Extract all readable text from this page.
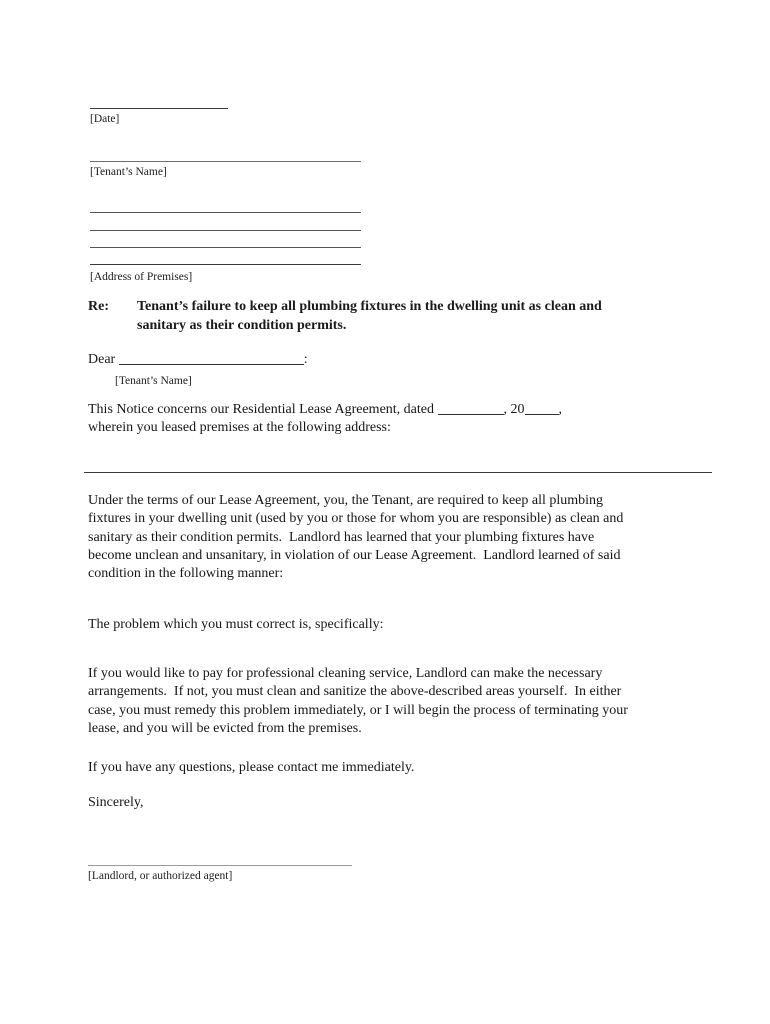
[Date]
[Tenant’s Name]
[Address of Premises]
Re:	Tenant’s failure to keep all plumbing fixtures in the dwelling unit as clean and
sanitary as their condition permits.
Dear	:
[Tenant’s Name]
This Notice concerns our Residential Lease Agreement, dated	, 20 ,
wherein you leased premises at the following address:
Under the terms of our Lease Agreement, you, the Tenant, are required to keep all plumbing
fixtures in your dwelling unit (used by you or those for whom you are responsible) as clean and
sanitary as their condition permits.  Landlord has learned that your plumbing fixtures have
become unclean and unsanitary, in violation of our Lease Agreement.  Landlord learned of said
condition in the following manner:
The problem which you must correct is, specifically:
If you would like to pay for professional cleaning service, Landlord can make the necessary
arrangements.  If not, you must clean and sanitize the above-described areas yourself.  In either
case, you must remedy this problem immediately, or I will begin the process of terminating your
lease, and you will be evicted from the premises.
If you have any questions, please contact me immediately.
Sincerely,
[Landlord, or authorized agent]
